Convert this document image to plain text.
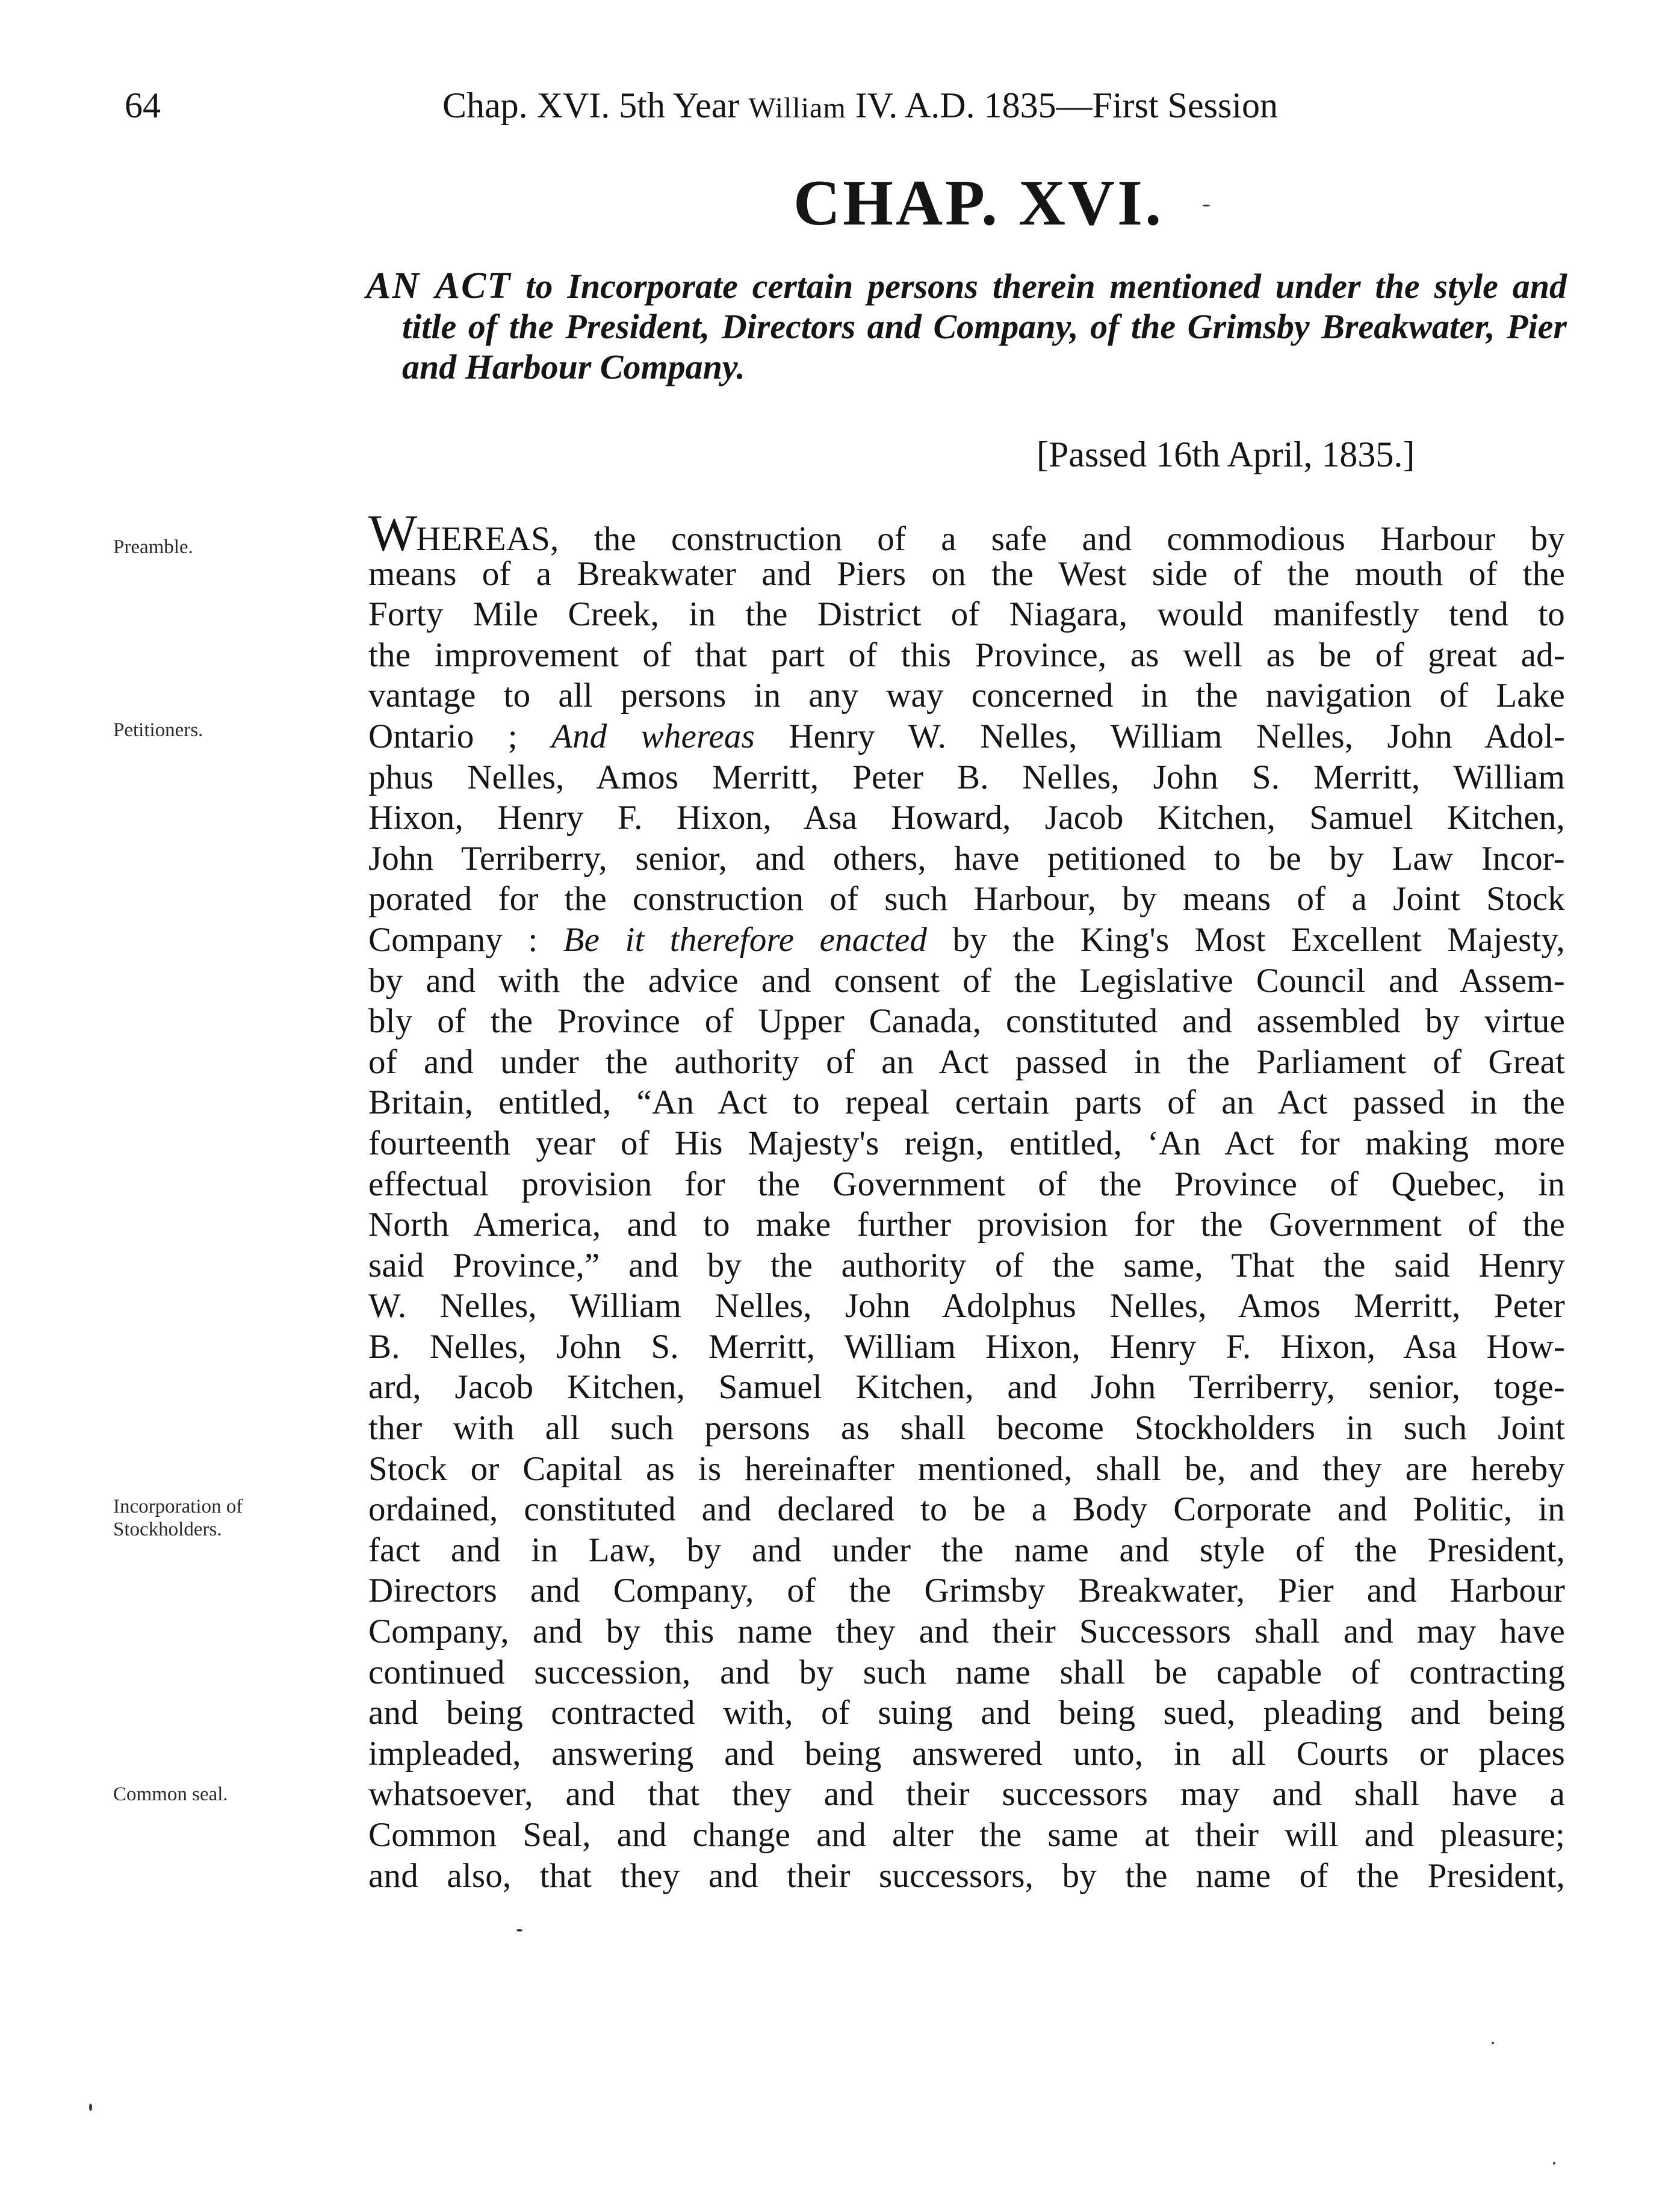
64	Chap. XVI. 5th Year William IV. A.D. 1835—First Session
CHAP. XVI.
AN ACT to Incorporate certain persons therein mentioned under the style and title of the President, Directors and Company, of the Grimsby Breakwater, Pier and Harbour Company.
[Passed 16th April, 1835.]
Preamble.
Petitioners.
Incorporation of Stockholders.
Common seal.
WHEREAS, the construction of a safe and commodious Harbour by
means of a Breakwater and Piers on the West side of the mouth of the
Forty Mile Creek, in the District of Niagara, would manifestly tend to
the improvement of that part of this Province, as well as be of great ad-
vantage to all persons in any way concerned in the navigation of Lake
Ontario ; And whereas Henry W. Nelles, William Nelles, John Adol-
phus Nelles, Amos Merritt, Peter B. Nelles, John S. Merritt, William
Hixon, Henry F. Hixon, Asa Howard, Jacob Kitchen, Samuel Kitchen,
John Terriberry, senior, and others, have petitioned to be by Law Incor-
porated for the construction of such Harbour, by means of a Joint Stock
Company : Be it therefore enacted by the King's Most Excellent Majesty,
by and with the advice and consent of the Legislative Council and Assem-
bly of the Province of Upper Canada, constituted and assembled by virtue
of and under the authority of an Act passed in the Parliament of Great
Britain, entitled, “An Act to repeal certain parts of an Act passed in the
fourteenth year of His Majesty's reign, entitled, ‘An Act for making more
effectual provision for the Government of the Province of Quebec, in
North America, and to make further provision for the Government of the
said Province,” and by the authority of the same, That the said Henry
W. Nelles, William Nelles, John Adolphus Nelles, Amos Merritt, Peter
B. Nelles, John S. Merritt, William Hixon, Henry F. Hixon, Asa How-
ard, Jacob Kitchen, Samuel Kitchen, and John Terriberry, senior, toge-
ther with all such persons as shall become Stockholders in such Joint
Stock or Capital as is hereinafter mentioned, shall be, and they are hereby
ordained, constituted and declared to be a Body Corporate and Politic, in
fact and in Law, by and under the name and style of the President,
Directors and Company, of the Grimsby Breakwater, Pier and Harbour
Company, and by this name they and their Successors shall and may have
continued succession, and by such name shall be capable of contracting
and being contracted with, of suing and being sued, pleading and being
impleaded, answering and being answered unto, in all Courts or places
whatsoever, and that they and their successors may and shall have a
Common Seal, and change and alter the same at their will and pleasure;
and also, that they and their successors, by the name of the President,
